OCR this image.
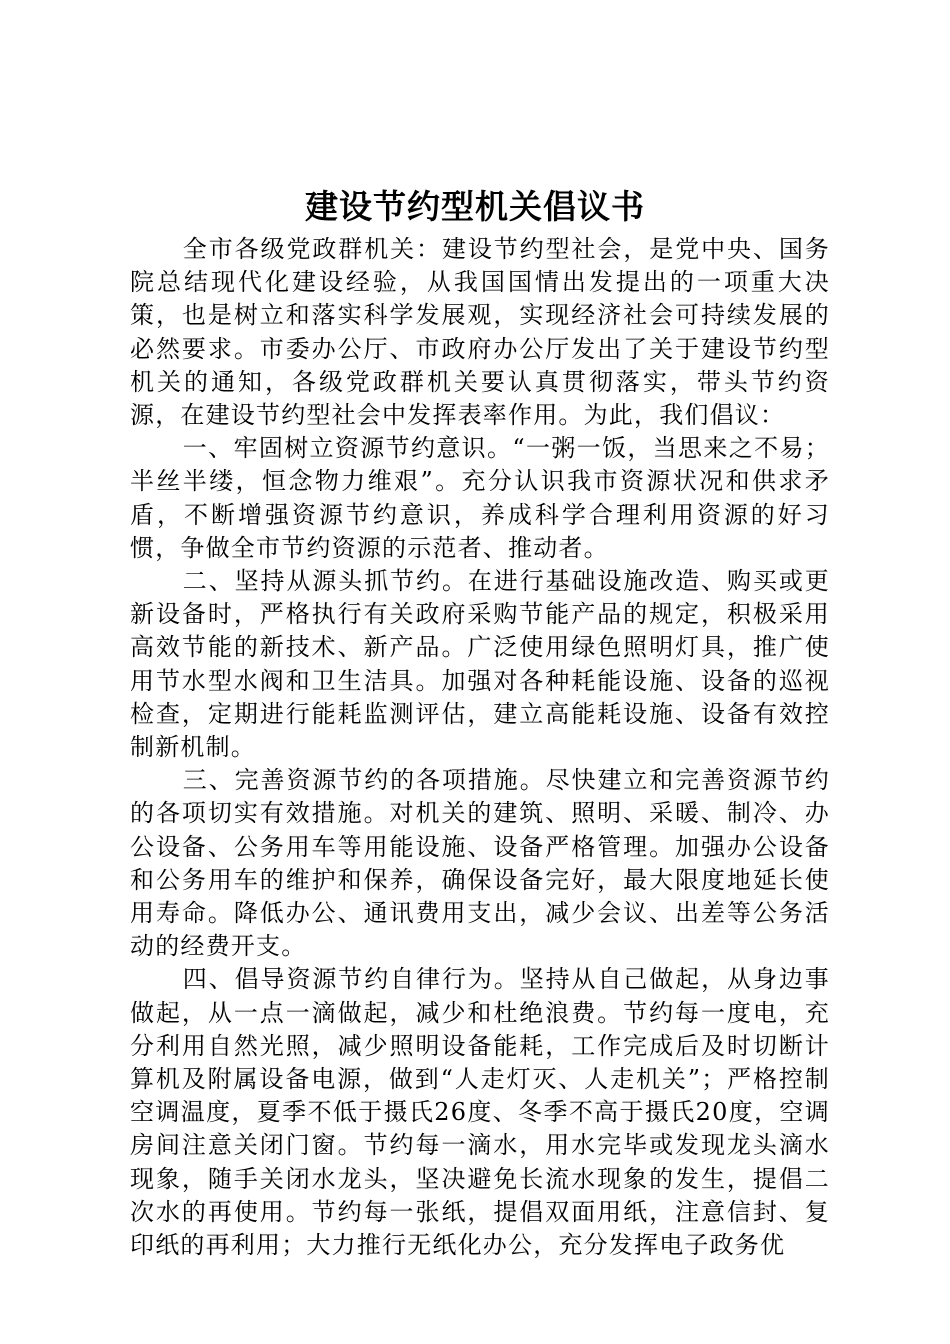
建设节约型机关倡议书

全市各级党政群机关：建设节约型社会，是党中央、国务院总结现代化建设经验，从我国国情出发提出的一项重大决策，也是树立和落实科学发展观，实现经济社会可持续发展的必然要求。市委办公厅、市政府办公厅发出了关于建设节约型机关的通知，各级党政群机关要认真贯彻落实，带头节约资源，在建设节约型社会中发挥表率作用。为此，我们倡议：

一、牢固树立资源节约意识。“一粥一饭，当思来之不易；半丝半缕，恒念物力维艰”。充分认识我市资源状况和供求矛盾，不断增强资源节约意识，养成科学合理利用资源的好习惯，争做全市节约资源的示范者、推动者。

二、坚持从源头抓节约。在进行基础设施改造、购买或更新设备时，严格执行有关政府采购节能产品的规定，积极采用高效节能的新技术、新产品。广泛使用绿色照明灯具，推广使用节水型水阀和卫生洁具。加强对各种耗能设施、设备的巡视检查，定期进行能耗监测评估，建立高能耗设施、设备有效控制新机制。

三、完善资源节约的各项措施。尽快建立和完善资源节约的各项切实有效措施。对机关的建筑、照明、采暖、制冷、办公设备、公务用车等用能设施、设备严格管理。加强办公设备和公务用车的维护和保养，确保设备完好，最大限度地延长使用寿命。降低办公、通讯费用支出，减少会议、出差等公务活动的经费开支。

四、倡导资源节约自律行为。坚持从自己做起，从身边事做起，从一点一滴做起，减少和杜绝浪费。节约每一度电，充分利用自然光照，减少照明设备能耗，工作完成后及时切断计算机及附属设备电源，做到“人走灯灭、人走机关”；严格控制空调温度，夏季不低于摄氏26度、冬季不高于摄氏20度，空调房间注意关闭门窗。节约每一滴水，用水完毕或发现龙头滴水现象，随手关闭水龙头，坚决避免长流水现象的发生，提倡二次水的再使用。节约每一张纸，提倡双面用纸，注意信封、复印纸的再利用；大力推行无纸化办公，充分发挥电子政务优
